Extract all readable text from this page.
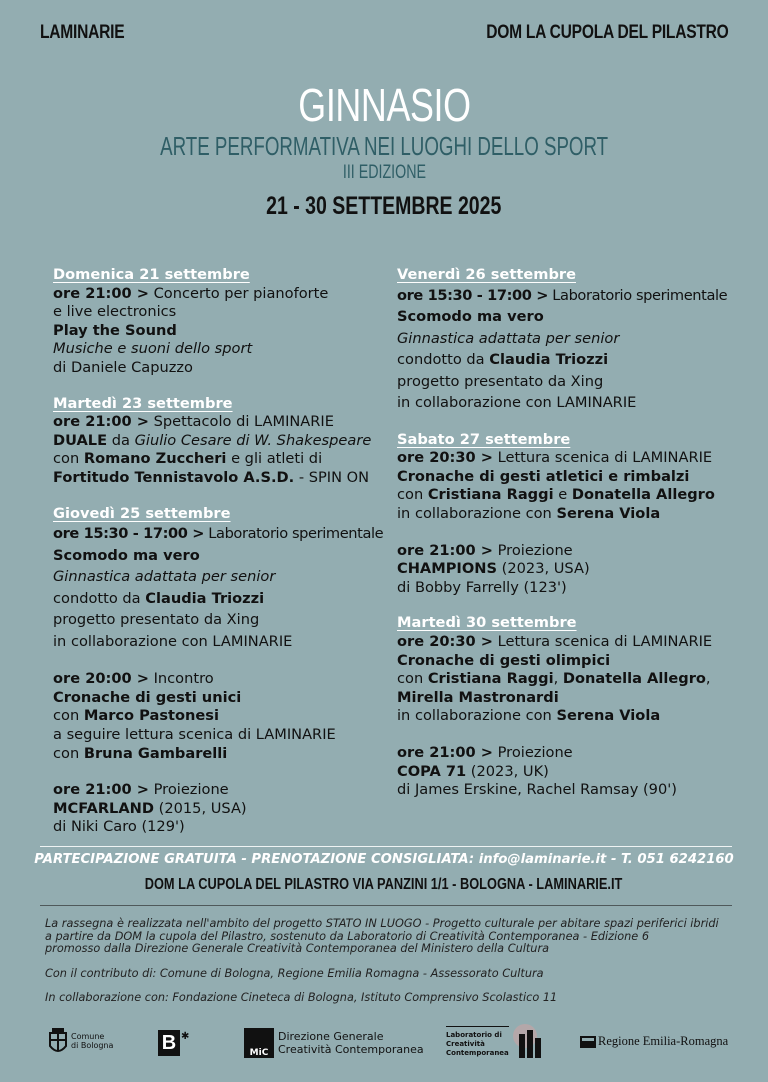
LAMINARIE	DOM LA CUPOLA DEL PILASTRO
GINNASIO
ARTE PERFORMATIVA NEI LUOGHI DELLO SPORT
III EDIZIONE
21 - 30 SETTEMBRE 2025
Domenica 21 settembre
ore 21:00 > Concerto per pianoforte
e live electronics
Play the Sound
Musiche e suoni dello sport
di Daniele Capuzzo
Martedì 23 settembre
ore 21:00 > Spettacolo di LAMINARIE
DUALE da Giulio Cesare di W. Shakespeare
con Romano Zuccheri e gli atleti di
Fortitudo Tennistavolo A.S.D. - SPIN ON
Giovedì 25 settembre
ore 15:30 - 17:00 > Laboratorio sperimentale
Scomodo ma vero
Ginnastica adattata per senior
condotto da Claudia Triozzi
progetto presentato da Xing
in collaborazione con LAMINARIE
ore 20:00 > Incontro
Cronache di gesti unici
con Marco Pastonesi
a seguire lettura scenica di LAMINARIE
con Bruna Gambarelli
ore 21:00 > Proiezione
MCFARLAND (2015, USA)
di Niki Caro (129')
Venerdì 26 settembre
ore 15:30 - 17:00 > Laboratorio sperimentale
Scomodo ma vero
Ginnastica adattata per senior
condotto da Claudia Triozzi
progetto presentato da Xing
in collaborazione con LAMINARIE
Sabato 27 settembre
ore 20:30 > Lettura scenica di LAMINARIE
Cronache di gesti atletici e rimbalzi
con Cristiana Raggi e Donatella Allegro
in collaborazione con Serena Viola
ore 21:00 > Proiezione
CHAMPIONS (2023, USA)
di Bobby Farrelly (123')
Martedì 30 settembre
ore 20:30 > Lettura scenica di LAMINARIE
Cronache di gesti olimpici
con Cristiana Raggi, Donatella Allegro,
Mirella Mastronardi
in collaborazione con Serena Viola
ore 21:00 > Proiezione
COPA 71 (2023, UK)
di James Erskine, Rachel Ramsay (90')
PARTECIPAZIONE GRATUITA - PRENOTAZIONE CONSIGLIATA: info@laminarie.it - T. 051 6242160
DOM LA CUPOLA DEL PILASTRO VIA PANZINI 1/1 - BOLOGNA - LAMINARIE.IT

La rassegna è realizzata nell'ambito del progetto STATO IN LUOGO - Progetto culturale per abitare spazi periferici ibridi
a partire da DOM la cupola del Pilastro, sostenuto da Laboratorio di Creatività Contemporanea - Edizione 6
promosso dalla Direzione Generale Creatività Contemporanea del Ministero della Cultura

Con il contributo di: Comune di Bologna, Regione Emilia Romagna - Assessorato Cultura

In collaborazione con: Fondazione Cineteca di Bologna, Istituto Comprensivo Scolastico 11

Comune
di Bologna B ✱
MiC
Direzione Generale
Creatività Contemporanea
Laboratorio di
Creatività
Contemporanea
Regione Emilia-Romagna
